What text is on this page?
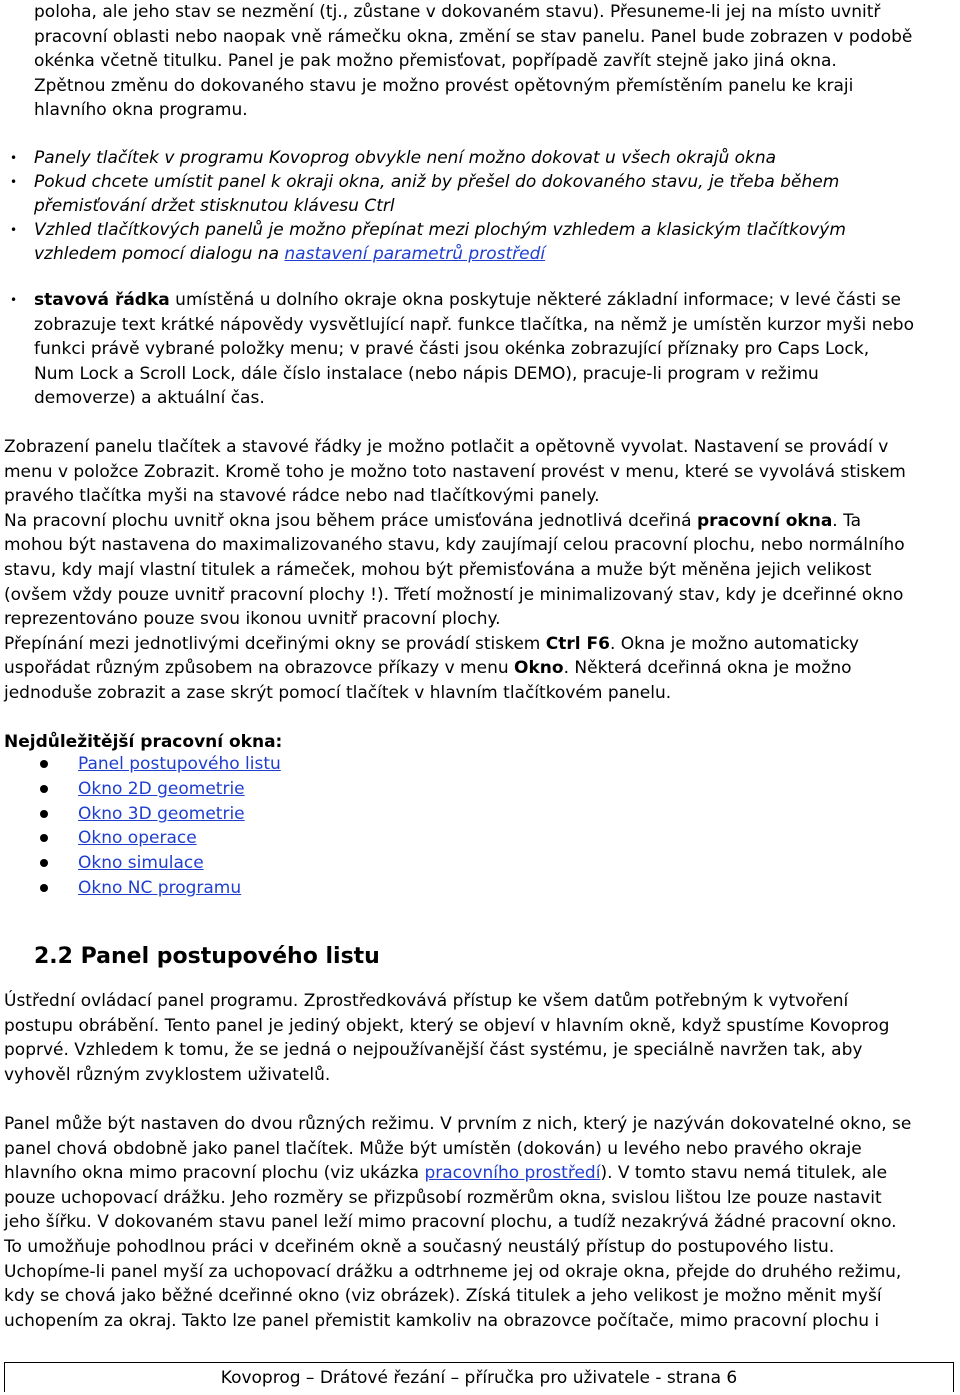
poloha, ale jeho stav se nezmění (tj., zůstane v dokovaném stavu). Přesuneme-li jej na místo uvnitř

pracovní oblasti nebo naopak vně rámečku okna, změní se stav panelu. Panel bude zobrazen v podobě

okénka včetně titulku. Panel je pak možno přemisťovat, popřípadě zavřít stejně jako jiná okna.

Zpětnou změnu do dokovaného stavu je možno provést opětovným přemístěním panelu ke kraji

hlavního okna programu.

• Panely tlačítek v programu Kovoprog obvykle není možno dokovat u všech okrajů okna

• Pokud chcete umístit panel k okraji okna, aniž by přešel do dokovaného stavu, je třeba během

přemisťování držet stisknutou klávesu Ctrl

• Vzhled tlačítkových panelů je možno přepínat mezi plochým vzhledem a klasickým tlačítkovým

vzhledem pomocí dialogu na nastavení parametrů prostředí

• stavová řádka umístěná u dolního okraje okna poskytuje některé základní informace; v levé části se

zobrazuje text krátké nápovědy vysvětlující např. funkce tlačítka, na němž je umístěn kurzor myši nebo

funkci právě vybrané položky menu; v pravé části jsou okénka zobrazující příznaky pro Caps Lock,

Num Lock a Scroll Lock, dále číslo instalace (nebo nápis DEMO), pracuje-li program v režimu

demoverze) a aktuální čas.

Zobrazení panelu tlačítek a stavové řádky je možno potlačit a opětovně vyvolat. Nastavení se provádí v

menu v položce Zobrazit. Kromě toho je možno toto nastavení provést v menu, které se vyvolává stiskem

pravého tlačítka myši na stavové rádce nebo nad tlačítkovými panely.

Na pracovní plochu uvnitř okna jsou během práce umisťována jednotlivá dceřiná pracovní okna. Ta

mohou být nastavena do maximalizovaného stavu, kdy zaujímají celou pracovní plochu, nebo normálního

stavu, kdy mají vlastní titulek a rámeček, mohou být přemisťována a muže být měněna jejich velikost

(ovšem vždy pouze uvnitř pracovní plochy !). Třetí možností je minimalizovaný stav, kdy je dceřinné okno

reprezentováno pouze svou ikonou uvnitř pracovní plochy.

Přepínání mezi jednotlivými dceřinými okny se provádí stiskem Ctrl F6. Okna je možno automaticky

uspořádat různým způsobem na obrazovce příkazy v menu Okno. Některá dceřinná okna je možno

jednoduše zobrazit a zase skrýt pomocí tlačítek v hlavním tlačítkovém panelu.

Nejdůležitější pracovní okna:

Panel postupového listu
Okno 2D geometrie
Okno 3D geometrie
Okno operace
Okno simulace
Okno NC programu
2.2 Panel postupového listu

Ústřední ovládací panel programu. Zprostředkovává přístup ke všem datům potřebným k vytvoření

postupu obrábění. Tento panel je jediný objekt, který se objeví v hlavním okně, když spustíme Kovoprog

poprvé. Vzhledem k tomu, že se jedná o nejpoužívanější část systému, je speciálně navržen tak, aby

vyhověl různým zvyklostem uživatelů.

Panel může být nastaven do dvou různých režimu. V prvním z nich, který je nazýván dokovatelné okno, se

panel chová obdobně jako panel tlačítek. Může být umístěn (dokován) u levého nebo pravého okraje

hlavního okna mimo pracovní plochu (viz ukázka pracovního prostředí). V tomto stavu nemá titulek, ale

pouze uchopovací drážku. Jeho rozměry se přizpůsobí rozměrům okna, svislou lištou lze pouze nastavit

jeho šířku. V dokovaném stavu panel leží mimo pracovní plochu, a tudíž nezakrývá žádné pracovní okno.

To umožňuje pohodlnou práci v dceřiném okně a současný neustálý přístup do postupového listu.

Uchopíme-li panel myší za uchopovací drážku a odtrhneme jej od okraje okna, přejde do druhého režimu,

kdy se chová jako běžné dceřinné okno (viz obrázek). Získá titulek a jeho velikost je možno měnit myší

uchopením za okraj. Takto lze panel přemistit kamkoliv na obrazovce počítače, mimo pracovní plochu i

Kovoprog – Drátové řezání – příručka pro uživatele - strana 6
